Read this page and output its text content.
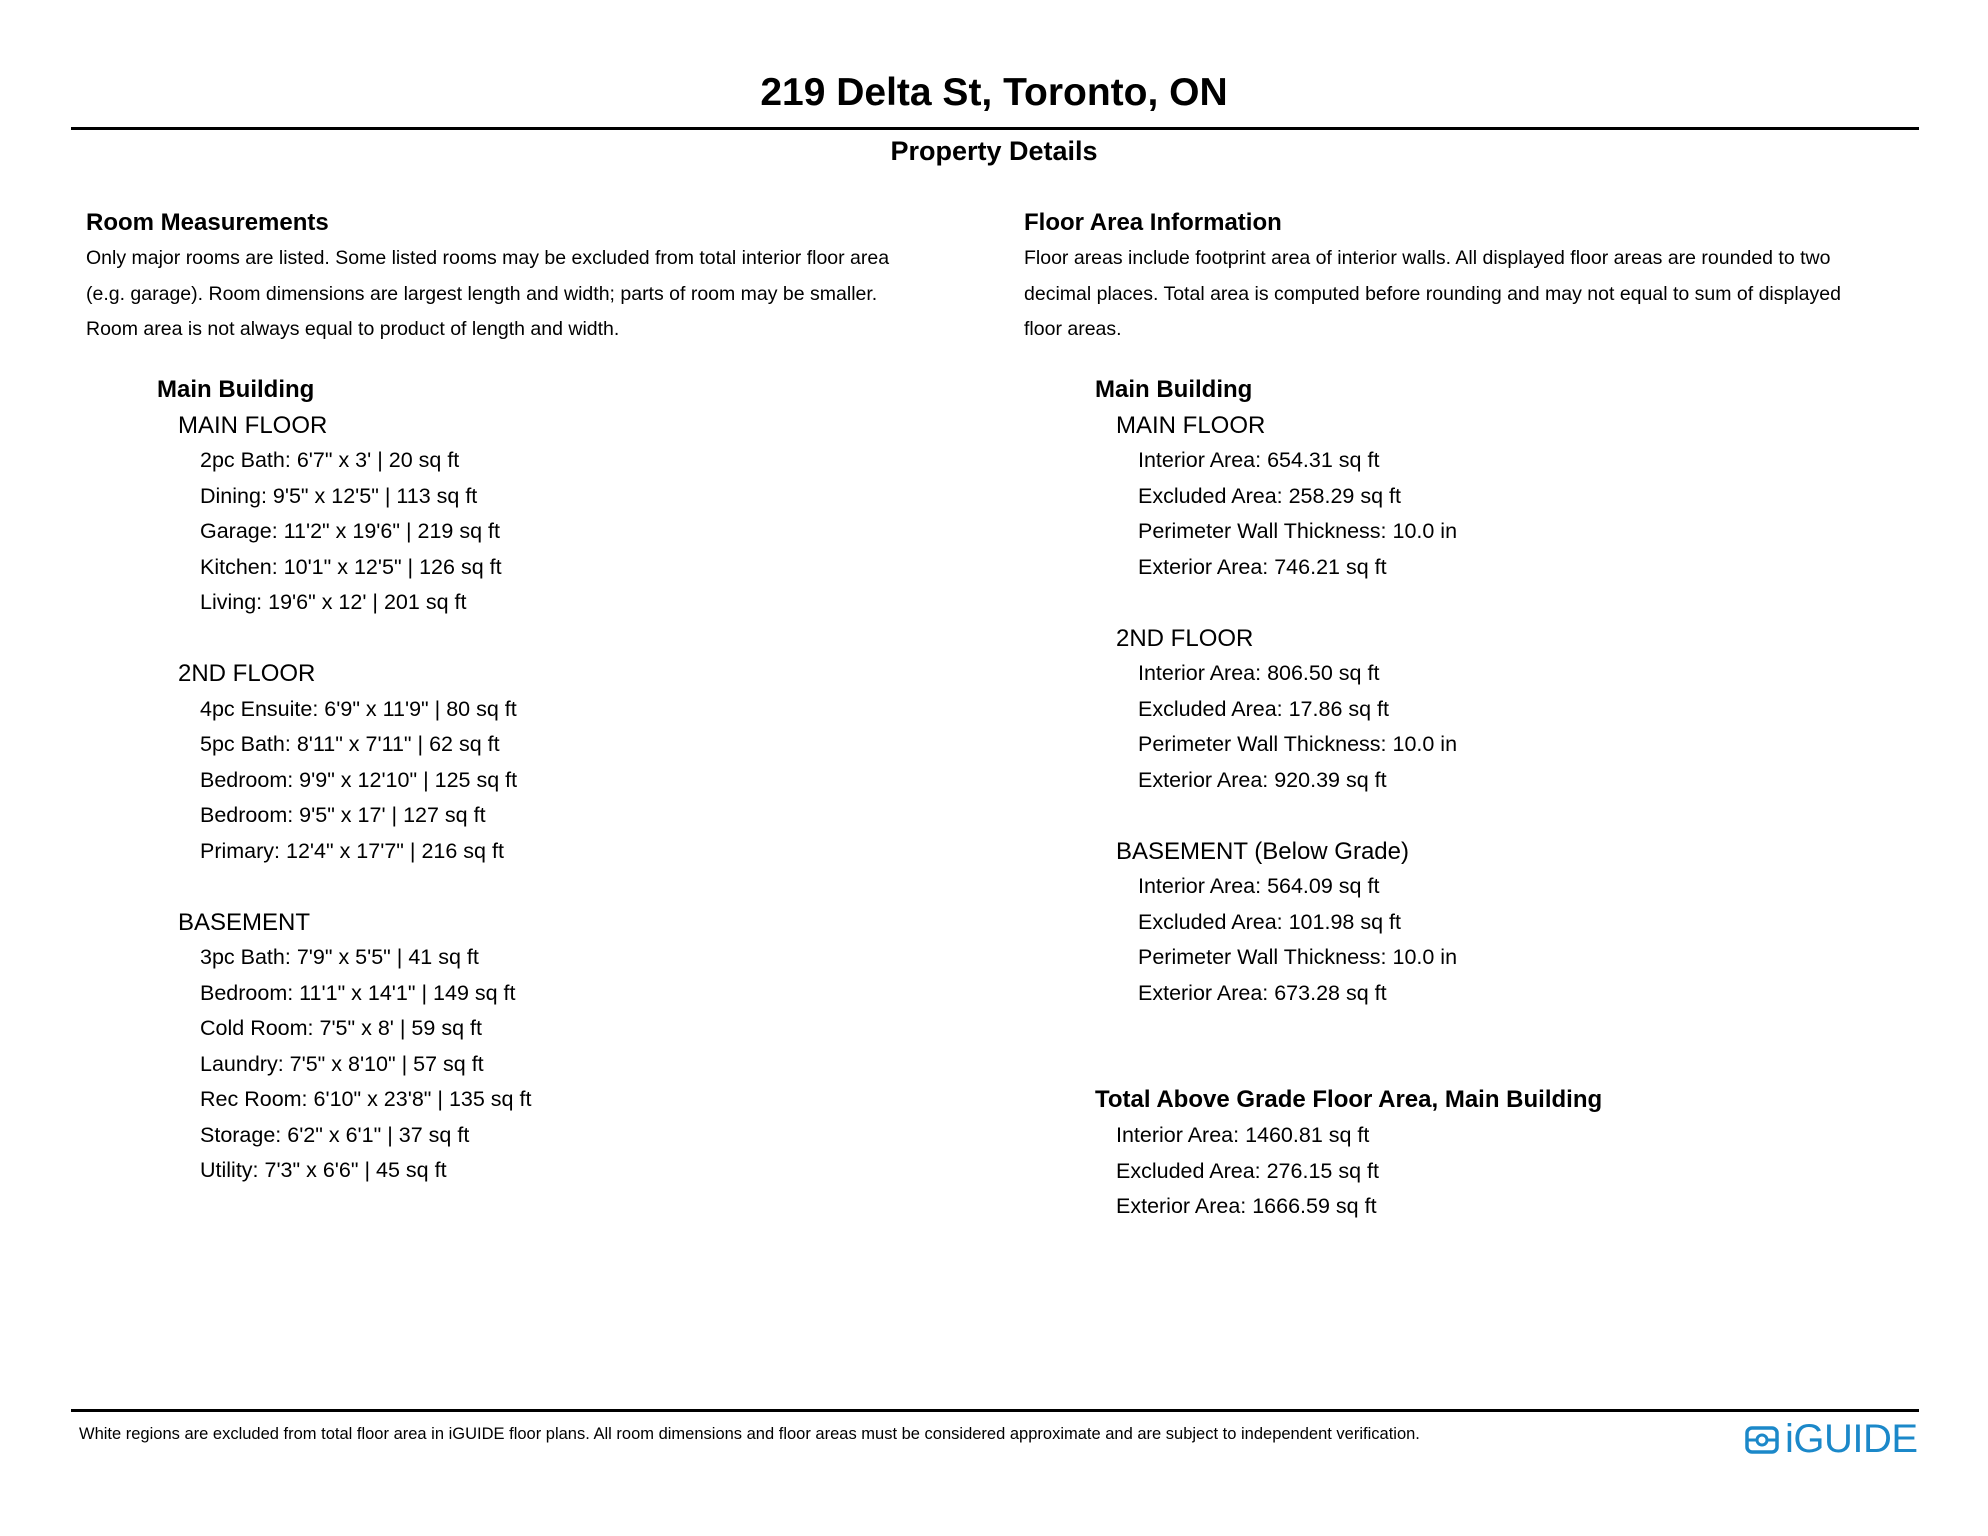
219 Delta St, Toronto, ON
Property Details

Room Measurements

Only major rooms are listed. Some listed rooms may be excluded from total interior floor area

(e.g. garage). Room dimensions are largest length and width; parts of room may be smaller.

Room area is not always equal to product of length and width.

Main Building

MAIN FLOOR

2pc Bath: 6'7" x 3' | 20 sq ft

Dining: 9'5" x 12'5" | 113 sq ft

Garage: 11'2" x 19'6" | 219 sq ft

Kitchen: 10'1" x 12'5" | 126 sq ft

Living: 19'6" x 12' | 201 sq ft

2ND FLOOR

4pc Ensuite: 6'9" x 11'9" | 80 sq ft

5pc Bath: 8'11" x 7'11" | 62 sq ft

Bedroom: 9'9" x 12'10" | 125 sq ft

Bedroom: 9'5" x 17' | 127 sq ft

Primary: 12'4" x 17'7" | 216 sq ft

BASEMENT

3pc Bath: 7'9" x 5'5" | 41 sq ft

Bedroom: 11'1" x 14'1" | 149 sq ft

Cold Room: 7'5" x 8' | 59 sq ft

Laundry: 7'5" x 8'10" | 57 sq ft

Rec Room: 6'10" x 23'8" | 135 sq ft

Storage: 6'2" x 6'1" | 37 sq ft

Utility: 7'3" x 6'6" | 45 sq ft

Floor Area Information

Floor areas include footprint area of interior walls. All displayed floor areas are rounded to two

decimal places. Total area is computed before rounding and may not equal to sum of displayed

floor areas.

Main Building

MAIN FLOOR

Interior Area: 654.31 sq ft

Excluded Area: 258.29 sq ft

Perimeter Wall Thickness: 10.0 in

Exterior Area: 746.21 sq ft

2ND FLOOR

Interior Area: 806.50 sq ft

Excluded Area: 17.86 sq ft

Perimeter Wall Thickness: 10.0 in

Exterior Area: 920.39 sq ft

BASEMENT (Below Grade)

Interior Area: 564.09 sq ft

Excluded Area: 101.98 sq ft

Perimeter Wall Thickness: 10.0 in

Exterior Area: 673.28 sq ft

Total Above Grade Floor Area, Main Building

Interior Area: 1460.81 sq ft

Excluded Area: 276.15 sq ft

Exterior Area: 1666.59 sq ft

White regions are excluded from total floor area in iGUIDE floor plans. All room dimensions and floor areas must be considered approximate and are subject to independent verification.	iGUIDE
